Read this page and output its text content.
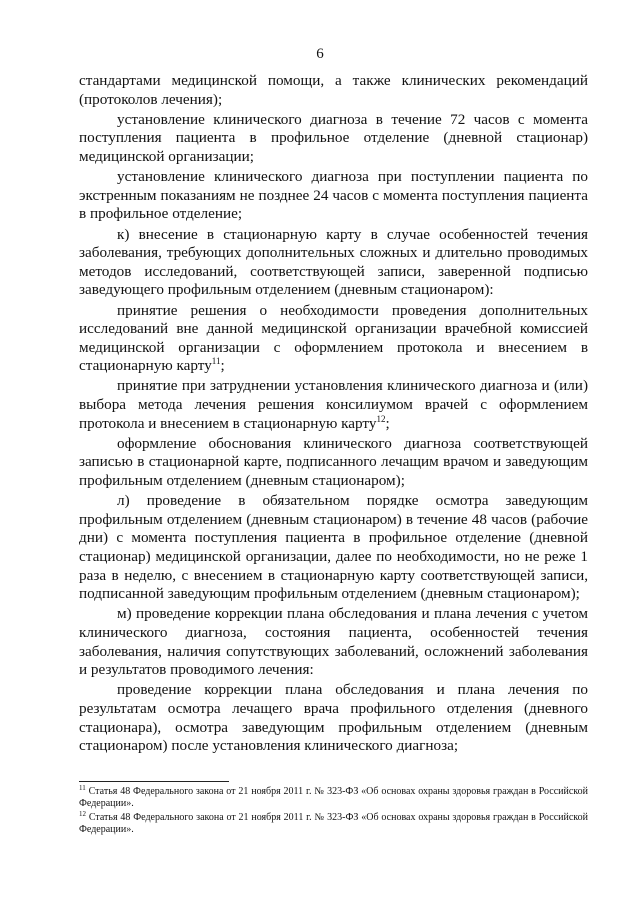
6

стандартами медицинской помощи, а также клинических рекомендаций (протоколов лечения);

установление клинического диагноза в течение 72 часов с момента поступления пациента в профильное отделение (дневной стационар) медицинской организации;

установление клинического диагноза при поступлении пациента по экстренным показаниям не позднее 24 часов с момента поступления пациента в профильное отделение;

к) внесение в стационарную карту в случае особенностей течения заболевания, требующих дополнительных сложных и длительно проводимых методов исследований, соответствующей записи, заверенной подписью заведующего профильным отделением (дневным стационаром):

принятие решения о необходимости проведения дополнительных исследований вне данной медицинской организации врачебной комиссией медицинской организации с оформлением протокола и внесением в стационарную карту$^{11}$;

принятие при затруднении установления клинического диагноза и (или) выбора метода лечения решения консилиумом врачей с оформлением протокола и внесением в стационарную карту$^{12}$;

оформление обоснования клинического диагноза соответствующей записью в стационарной карте, подписанного лечащим врачом и заведующим профильным отделением (дневным стационаром);

л) проведение в обязательном порядке осмотра заведующим профильным отделением (дневным стационаром) в течение 48 часов (рабочие дни) с момента поступления пациента в профильное отделение (дневной стационар) медицинской организации, далее по необходимости, но не реже 1 раза в неделю, с внесением в стационарную карту соответствующей записи, подписанной заведующим профильным отделением (дневным стационаром);

м) проведение коррекции плана обследования и плана лечения с учетом клинического диагноза, состояния пациента, особенностей течения заболевания, наличия сопутствующих заболеваний, осложнений заболевания и результатов проводимого лечения:

проведение коррекции плана обследования и плана лечения по результатам осмотра лечащего врача профильного отделения (дневного стационара), осмотра заведующим профильным отделением (дневным стационаром) после установления клинического диагноза;

$^{11}$ Статья 48 Федерального закона от 21 ноября 2011 г. № 323-ФЗ «Об основах охраны здоровья граждан в Российской Федерации».

$^{12}$ Статья 48 Федерального закона от 21 ноября 2011 г. № 323-ФЗ «Об основах охраны здоровья граждан в Российской Федерации».
